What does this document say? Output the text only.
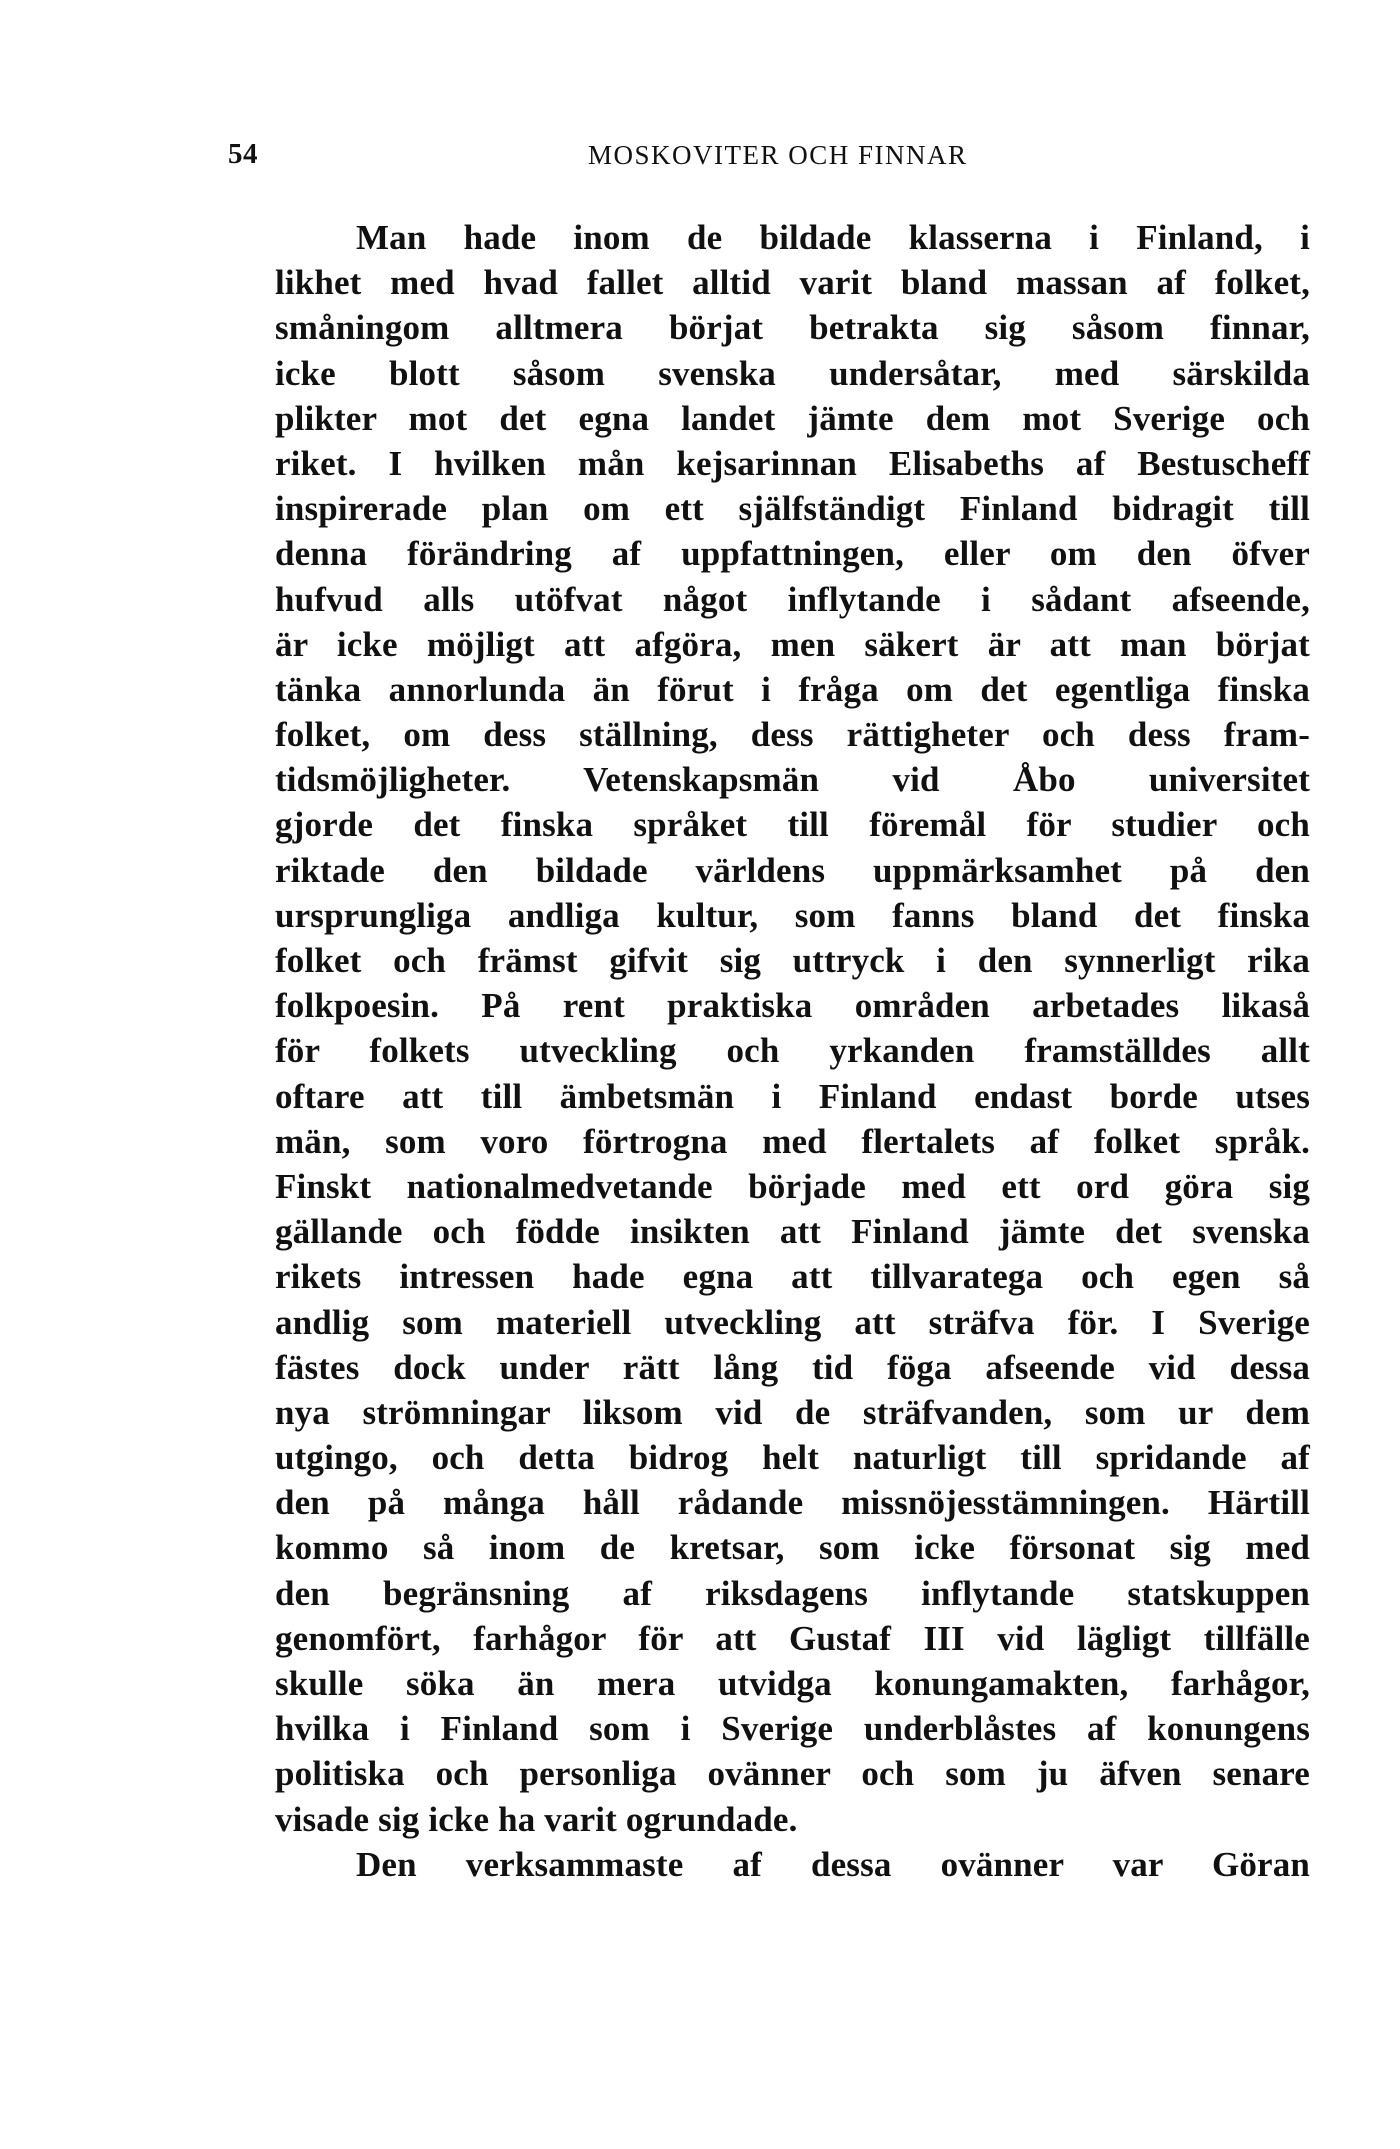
54	MOSKOVITER OCH FINNAR
Man hade inom de bildade klasserna i Finland, i
likhet med hvad fallet alltid varit bland massan af folket,
småningom alltmera börjat betrakta sig såsom finnar,
icke blott såsom svenska undersåtar, med särskilda
plikter mot det egna landet jämte dem mot Sverige och
riket. I hvilken mån kejsarinnan Elisabeths af Bestuscheff
inspirerade plan om ett själfständigt Finland bidragit till
denna förändring af uppfattningen, eller om den öfver
hufvud alls utöfvat något inflytande i sådant afseende,
är icke möjligt att afgöra, men säkert är att man börjat
tänka annorlunda än förut i fråga om det egentliga finska
folket, om dess ställning, dess rättigheter och dess fram-
tidsmöjligheter. Vetenskapsmän vid Åbo universitet
gjorde det finska språket till föremål för studier och
riktade den bildade världens uppmärksamhet på den
ursprungliga andliga kultur, som fanns bland det finska
folket och främst gifvit sig uttryck i den synnerligt rika
folkpoesin. På rent praktiska områden arbetades likaså
för folkets utveckling och yrkanden framställdes allt
oftare att till ämbetsmän i Finland endast borde utses
män, som voro förtrogna med flertalets af folket språk.
Finskt nationalmedvetande började med ett ord göra sig
gällande och födde insikten att Finland jämte det svenska
rikets intressen hade egna att tillvaratega och egen så
andlig som materiell utveckling att sträfva för. I Sverige
fästes dock under rätt lång tid föga afseende vid dessa
nya strömningar liksom vid de sträfvanden, som ur dem
utgingo, och detta bidrog helt naturligt till spridande af
den på många håll rådande missnöjesstämningen. Härtill
kommo så inom de kretsar, som icke försonat sig med
den begränsning af riksdagens inflytande statskuppen
genomfört, farhågor för att Gustaf III vid lägligt tillfälle
skulle söka än mera utvidga konungamakten, farhågor,
hvilka i Finland som i Sverige underblåstes af konungens
politiska och personliga ovänner och som ju äfven senare
visade sig icke ha varit ogrundade.
Den verksammaste af dessa ovänner var Göran
